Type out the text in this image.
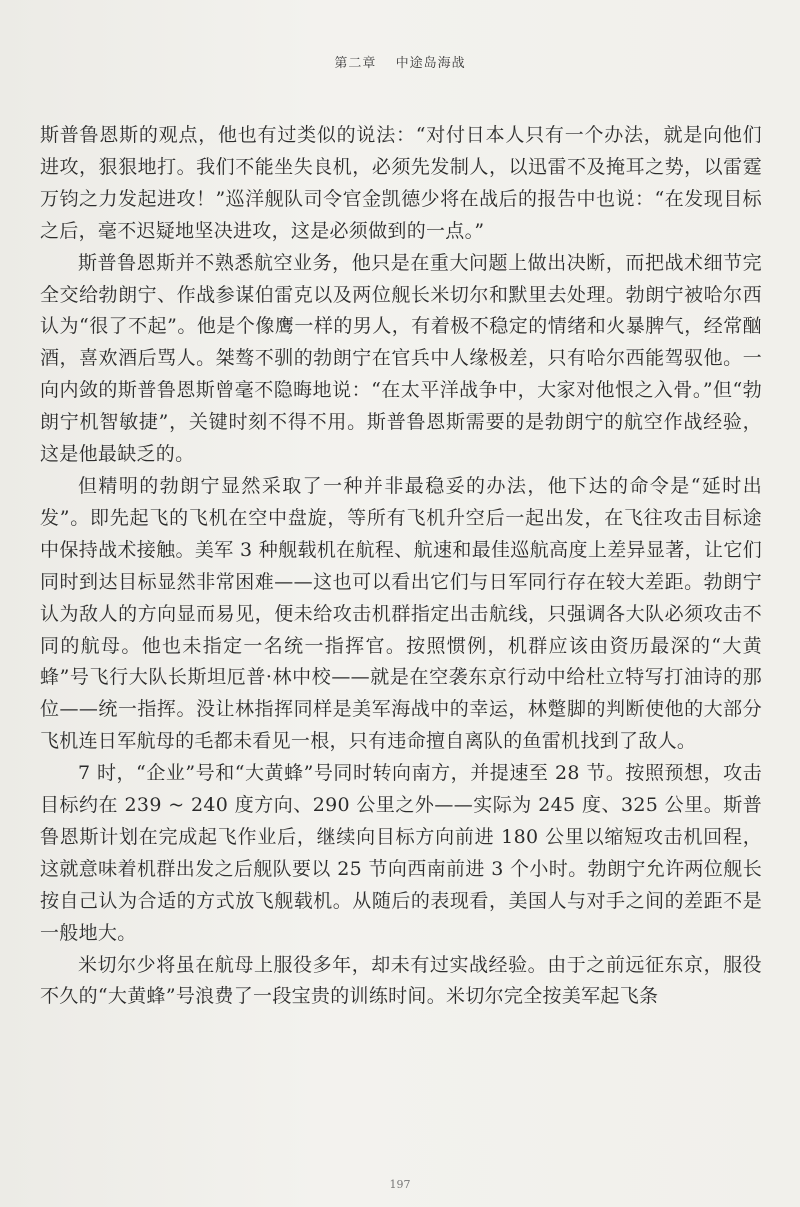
第二章 中途岛海战

斯普鲁恩斯的观点，他也有过类似的说法：“对付日本人只有一个办法，就是向他们进攻，狠狠地打。我们不能坐失良机，必须先发制人，以迅雷不及掩耳之势，以雷霆万钧之力发起进攻！”巡洋舰队司令官金凯德少将在战后的报告中也说：“在发现目标之后，毫不迟疑地坚决进攻，这是必须做到的一点。”

斯普鲁恩斯并不熟悉航空业务，他只是在重大问题上做出决断，而把战术细节完全交给勃朗宁、作战参谋伯雷克以及两位舰长米切尔和默里去处理。勃朗宁被哈尔西认为“很了不起”。他是个像鹰一样的男人，有着极不稳定的情绪和火暴脾气，经常酗酒，喜欢酒后骂人。桀骜不驯的勃朗宁在官兵中人缘极差，只有哈尔西能驾驭他。一向内敛的斯普鲁恩斯曾毫不隐晦地说：“在太平洋战争中，大家对他恨之入骨。”但“勃朗宁机智敏捷”，关键时刻不得不用。斯普鲁恩斯需要的是勃朗宁的航空作战经验，这是他最缺乏的。

但精明的勃朗宁显然采取了一种并非最稳妥的办法，他下达的命令是“延时出发”。即先起飞的飞机在空中盘旋，等所有飞机升空后一起出发，在飞往攻击目标途中保持战术接触。美军 3 种舰载机在航程、航速和最佳巡航高度上差异显著，让它们同时到达目标显然非常困难——这也可以看出它们与日军同行存在较大差距。勃朗宁认为敌人的方向显而易见，便未给攻击机群指定出击航线，只强调各大队必须攻击不同的航母。他也未指定一名统一指挥官。按照惯例，机群应该由资历最深的“大黄蜂”号飞行大队长斯坦厄普·林中校——就是在空袭东京行动中给杜立特写打油诗的那位——统一指挥。没让林指挥同样是美军海战中的幸运，林蹩脚的判断使他的大部分飞机连日军航母的毛都未看见一根，只有违命擅自离队的鱼雷机找到了敌人。

7 时，“企业”号和“大黄蜂”号同时转向南方，并提速至 28 节。按照预想，攻击目标约在 239 ~ 240 度方向、290 公里之外——实际为 245 度、325 公里。斯普鲁恩斯计划在完成起飞作业后，继续向目标方向前进 180 公里以缩短攻击机回程，这就意味着机群出发之后舰队要以 25 节向西南前进 3 个小时。勃朗宁允许两位舰长按自己认为合适的方式放飞舰载机。从随后的表现看，美国人与对手之间的差距不是一般地大。

米切尔少将虽在航母上服役多年，却未有过实战经验。由于之前远征东京，服役不久的“大黄蜂”号浪费了一段宝贵的训练时间。米切尔完全按美军起飞条

197
